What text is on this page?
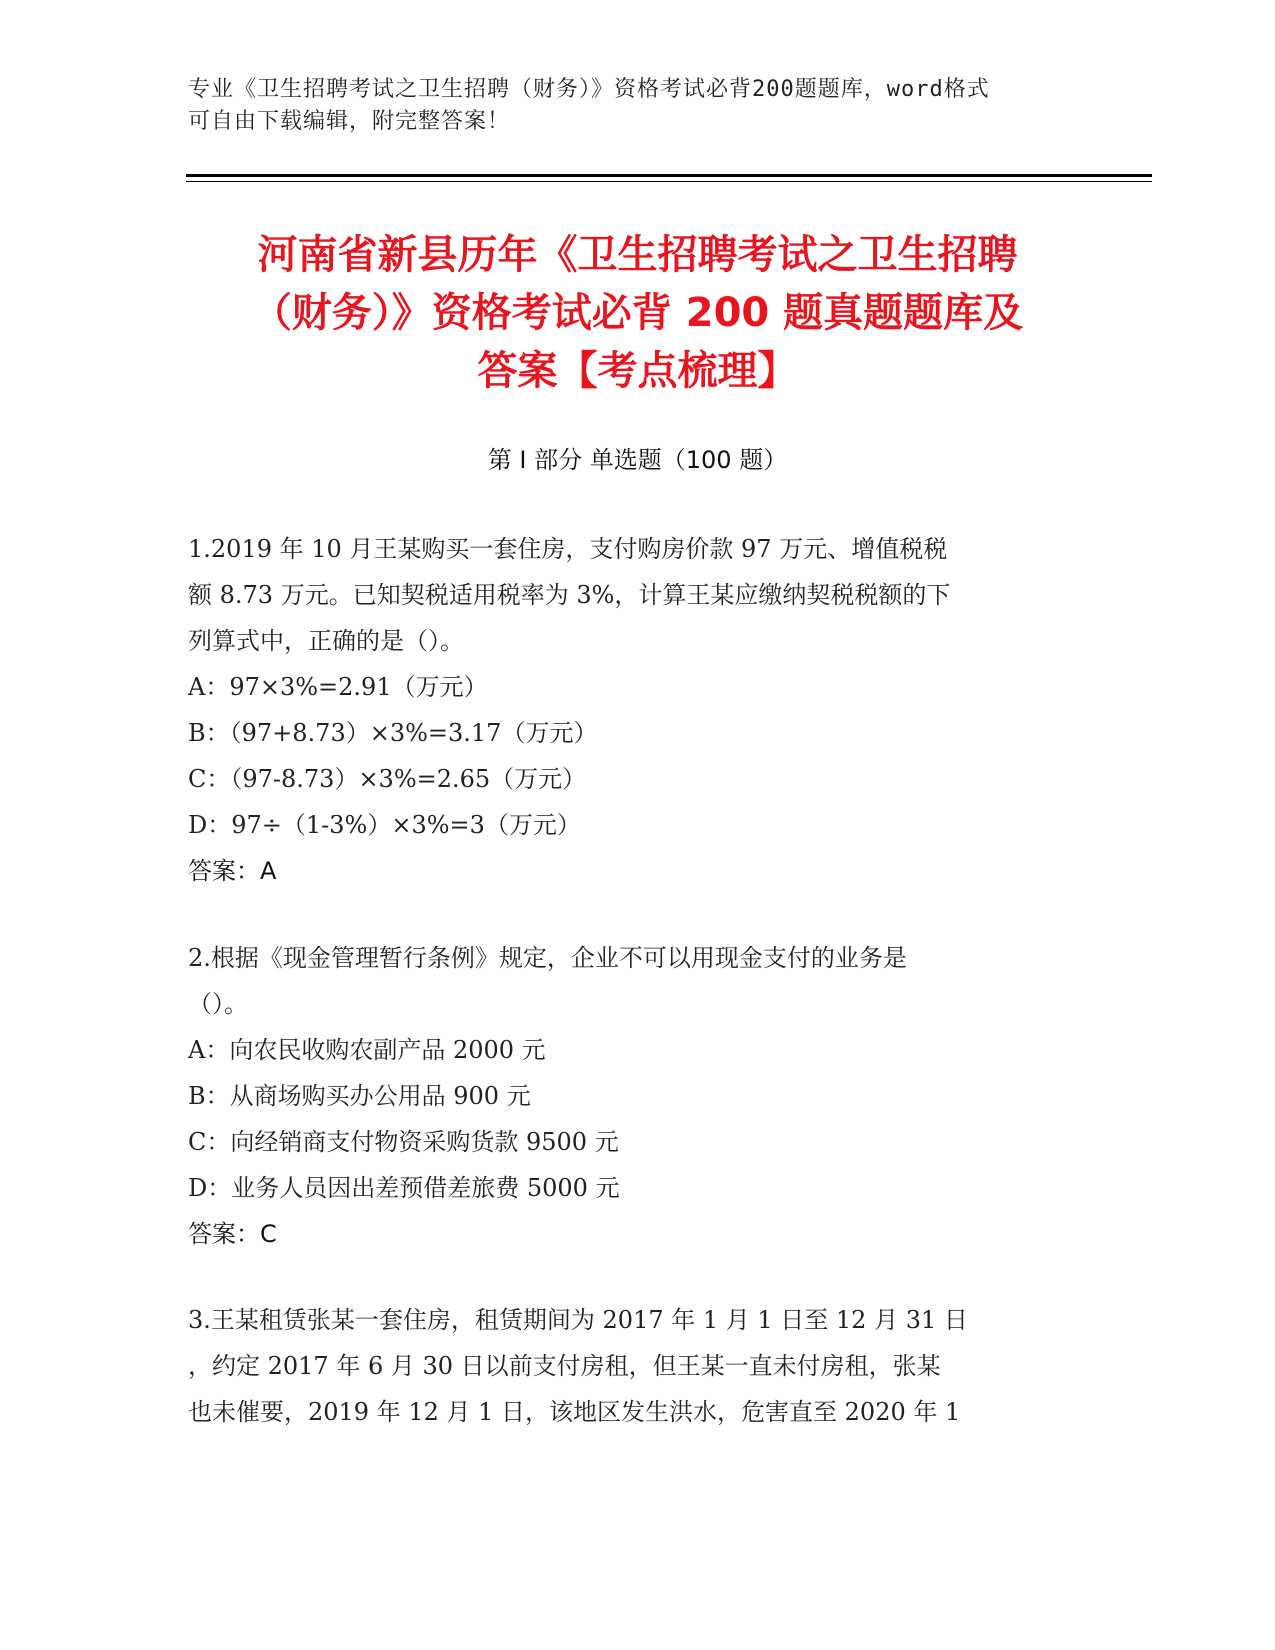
专业《卫生招聘考试之卫生招聘（财务）》资格考试必背200题题库，word格式
可自由下载编辑，附完整答案！
河南省新县历年《卫生招聘考试之卫生招聘
（财务）》资格考试必背 200 题真题题库及
答案【考点梳理】
第 I 部分 单选题（100 题）
1.2019 年 10 月王某购买一套住房，支付购房价款 97 万元、增值税税
额 8.73 万元。已知契税适用税率为 3%，计算王某应缴纳契税税额的下
列算式中，正确的是（）。
A：97×3%=2.91（万元）
B：（97+8.73）×3%=3.17（万元）
C：（97-8.73）×3%=2.65（万元）
D：97÷（1-3%）×3%=3（万元）
答案：A
2.根据《现金管理暂行条例》规定，企业不可以用现金支付的业务是
（）。
A：向农民收购农副产品 2000 元
B：从商场购买办公用品 900 元
C：向经销商支付物资采购货款 9500 元
D：业务人员因出差预借差旅费 5000 元
答案：C
3.王某租赁张某一套住房，租赁期间为 2017 年 1 月 1 日至 12 月 31 日
，约定 2017 年 6 月 30 日以前支付房租，但王某一直未付房租，张某
也未催要，2019 年 12 月 1 日，该地区发生洪水，危害直至 2020 年 1
